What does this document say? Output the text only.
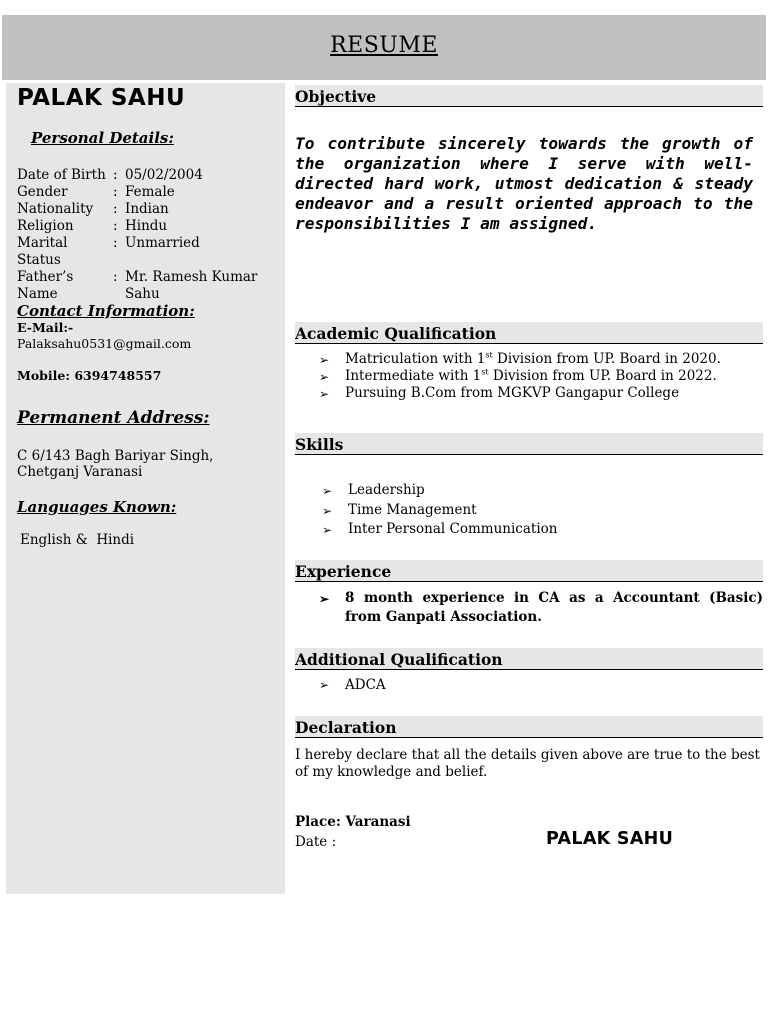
RESUME
PALAK SAHU
Personal Details:
Date of Birth : 05/02/2004
Gender	: Female
Nationality	: Indian
Religion	: Hindu
Marital Status
: Unmarried
Father’s Name
: Mr. Ramesh Kumar Sahu
Contact Information:
E-Mail:-
Palaksahu0531@gmail.com
Mobile: 6394748557
Permanent Address:
C 6/143 Bagh Bariyar Singh, Chetganj Varanasi
Languages Known:
English &  Hindi
Objective
To contribute sincerely towards the growth of the organization where I serve with well-directed hard work, utmost dedication & steady endeavor and a result oriented approach to the responsibilities I am assigned.
Academic Qualification
➢ Matriculation with 1st Division from UP. Board in 2020.
➢ Intermediate with 1st Division from UP. Board in 2022.
➢ Pursuing B.Com from MGKVP Gangapur College
Skills
➢ Leadership
➢ Time Management
➢ Inter Personal Communication
Experience
➢ 8 month experience in CA as a Accountant (Basic) from Ganpati Association.
Additional Qualification
➢ ADCA
Declaration
I hereby declare that all the details given above are true to the best of my knowledge and belief.
Place: Varanasi
Date :	PALAK SAHU
